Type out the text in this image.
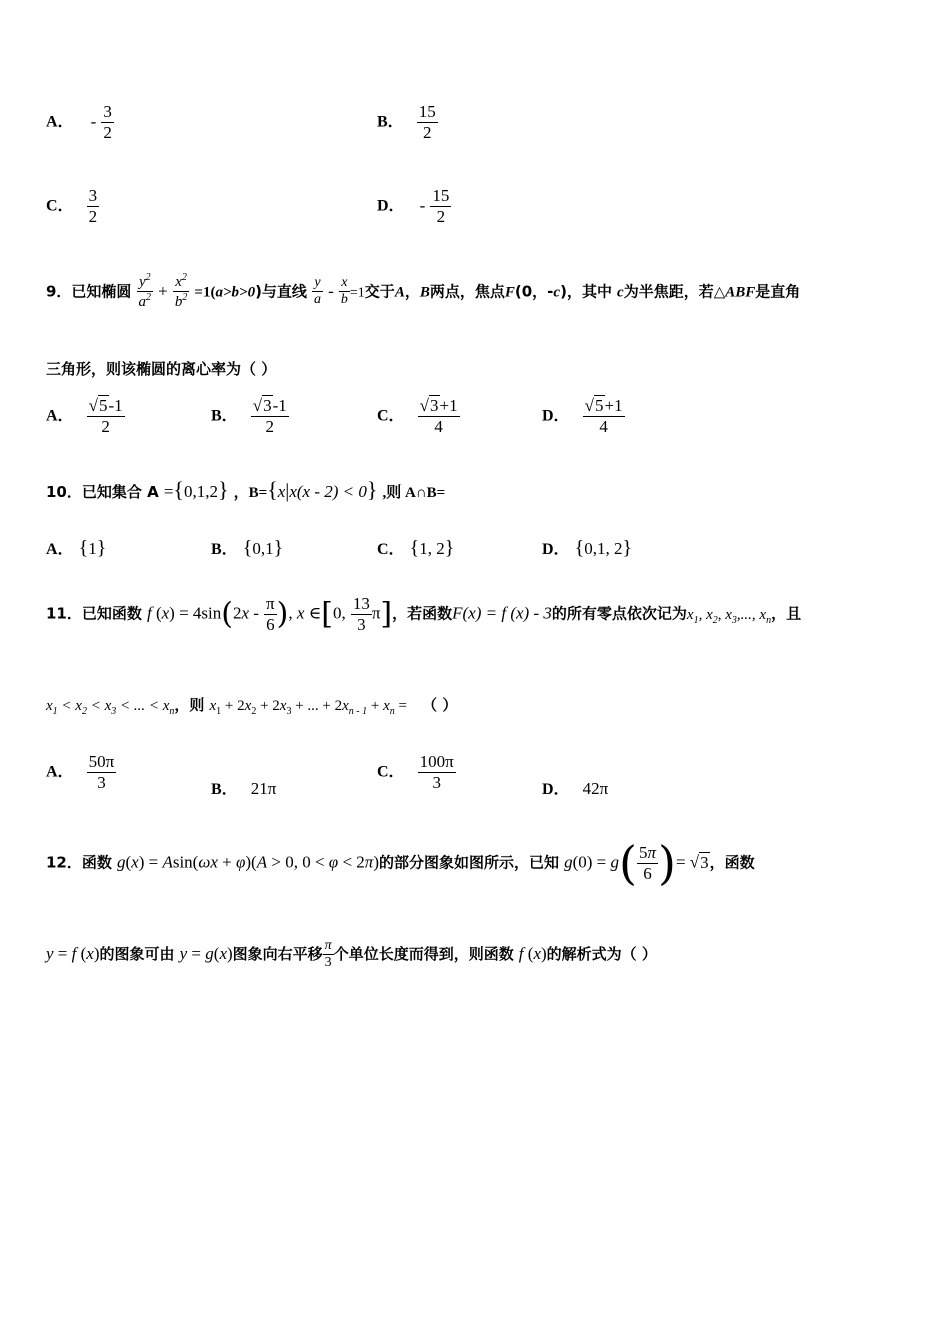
A． - $\frac{3}{2}$	B． $\frac{15}{2}$
C． $\frac{3}{2}$	D． - $\frac{15}{2}$
9．已知椭圆 $\frac{y^2}{a^2} + \frac{x^2}{b^2} =1(a>b>0)$与直线 $\frac{y}{a} - \frac{x}{b} =1$交于A，B两点，焦点F(0，-c)，其中 c为半焦距，若△ABF是直角
三角形，则该椭圆的离心率为（ ）
A． $\frac{√5-1}{2}$	B． $\frac{√3-1}{2}$	C． $\frac{√3+1}{4}$	D． $\frac{√5+1}{4}$
10．已知集合 A ={0,1,2} ，B={x|x(x - 2) < 0} ,则 A∩B=
A． {1}	B． {0,1}	C． {1, 2}	D． {0,1, 2}
11．已知函数 f $(x) = 4\sin(2x - \frac{\pi}{6}$ ), x ∈[0, $\frac{13}{3} \pi$]，若函数F(x) = f (x) - 3的所有零点依次记为$x_1$, $x_2$, $x_3$,..., $x_n$，且
$x_1 < x_2 < x_3$ < ... < $x_n$，则 $x_1 + 2x_2 + 2x_3$ + ... + $2x_{n - 1} + x_n$ = （ ）
A． $\frac{50\pi}{3}$	B． 21π
C． $\frac{100\pi}{3}$	D． 42π
12．函数 g(x) = Asin(ωx + φ)(A > 0, 0 < φ < 2π)的部分图象如图所示，已知 $g(0) = g( \frac{5\pi}{6}$ )= √3，函数
y = f (x)的图象可由 y = g(x)图象向右平移 $\frac{\pi}{3}$ 个单位长度而得到，则函数 f (x)的解析式为（ ）
